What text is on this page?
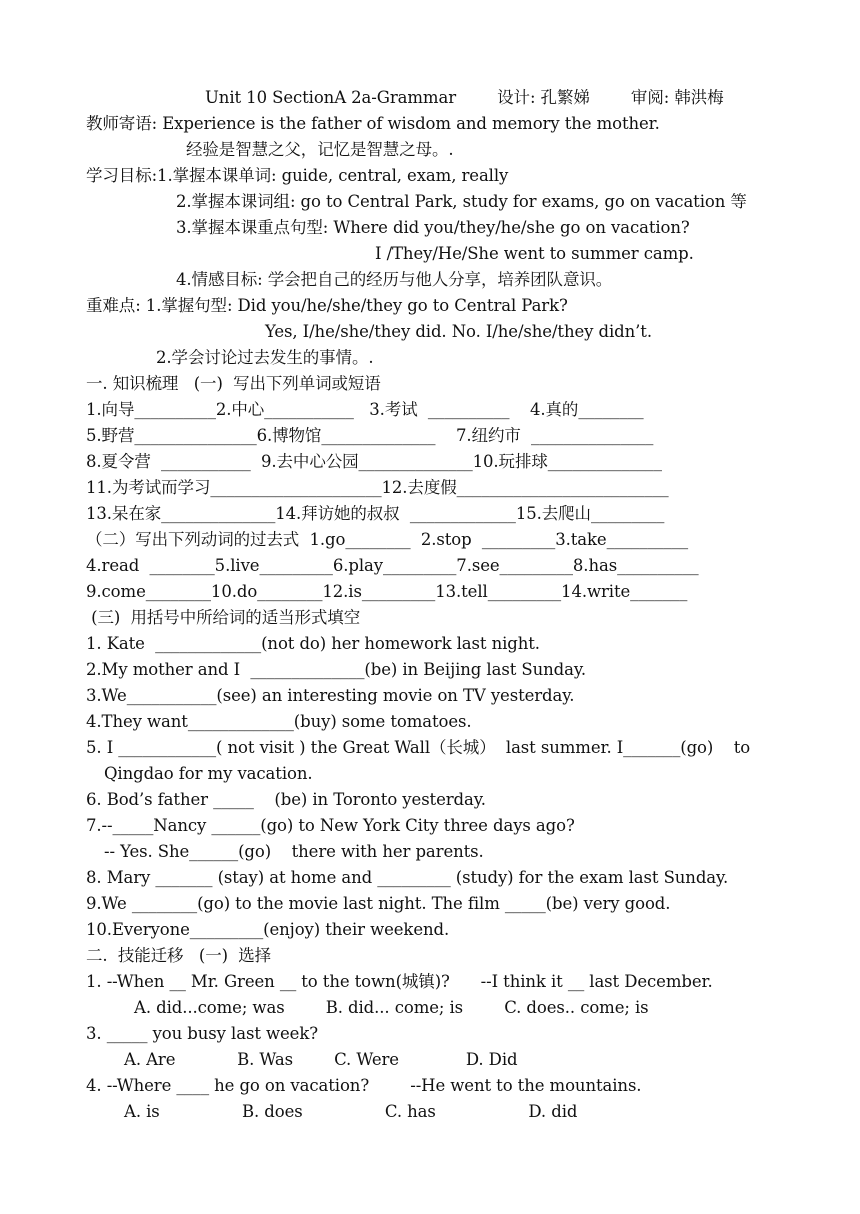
Unit 10 SectionA 2a-Grammar        设计: 孔繁娣        审阅: 韩洪梅
教师寄语: Experience is the father of wisdom and memory the mother.
经验是智慧之父，记忆是智慧之母。.
学习目标:1.掌握本课单词: guide, central, exam, really
2.掌握本课词组: go to Central Park, study for exams, go on vacation 等
3.掌握本课重点句型: Where did you/they/he/she go on vacation?
I /They/He/She went to summer camp.
4.情感目标: 学会把自己的经历与他人分享，培养团队意识。
重难点: 1.掌握句型: Did you/he/she/they go to Central Park?
Yes, I/he/she/they did. No. I/he/she/they didn’t.
2.学会讨论过去发生的事情。.
一. 知识梳理   (一)  写出下列单词或短语
1.向导__________2.中心___________   3.考试  __________    4.真的________
5.野营_______________6.博物馆______________    7.纽约市  _______________
8.夏令营  ___________  9.去中心公园______________10.玩排球______________
11.为考试而学习_____________________12.去度假__________________________
13.呆在家______________14.拜访她的叔叔  _____________15.去爬山_________
（二）写出下列动词的过去式  1.go________  2.stop  _________3.take__________
4.read  ________5.live_________6.play_________7.see_________8.has__________
9.come________10.do________12.is_________13.tell_________14.write_______
(三)  用括号中所给词的适当形式填空
1. Kate  _____________(not do) her homework last night.
2.My mother and I  ______________(be) in Beijing last Sunday.
3.We___________(see) an interesting movie on TV yesterday.
4.They want_____________(buy) some tomatoes.
5. I ____________( not visit ) the Great Wall（长城）  last summer. I_______(go)    to
Qingdao for my vacation.
6. Bod’s father _____    (be) in Toronto yesterday.
7.--_____Nancy ______(go) to New York City three days ago?
-- Yes. She______(go)    there with her parents.
8. Mary _______ (stay) at home and _________ (study) for the exam last Sunday.
9.We ________(go) to the movie last night. The film _____(be) very good.
10.Everyone_________(enjoy) their weekend.
二.  技能迁移   (一)  选择
1. --When __ Mr. Green __ to the town(城镇)?      --I think it __ last December.
A. did...come; was        B. did... come; is        C. does.. come; is
3. _____ you busy last week?
A. Are            B. Was        C. Were             D. Did
4. --Where ____ he go on vacation?        --He went to the mountains.
A. is                B. does                C. has                  D. did
